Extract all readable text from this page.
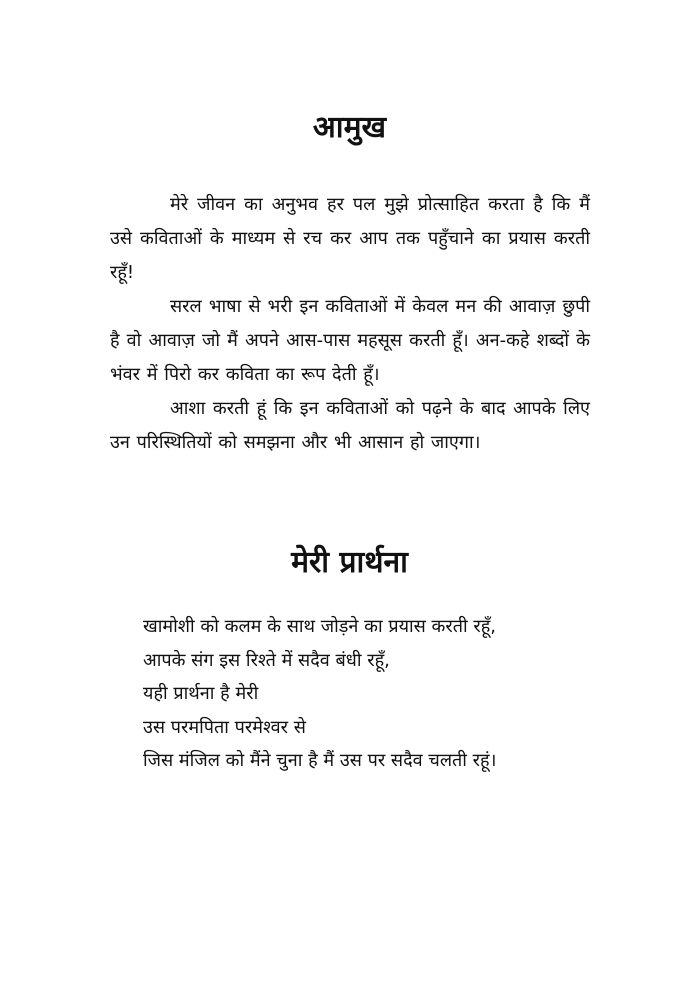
आमुख

मेरे जीवन का अनुभव हर पल मुझे प्रोत्साहित करता है कि मैं उसे कविताओं के माध्यम से रच कर आप तक पहुँचाने का प्रयास करती रहूँ!

सरल भाषा से भरी इन कविताओं में केवल मन की आवाज़ छुपी है वो आवाज़ जो मैं अपने आस-पास महसूस करती हूँ। अन-कहे शब्दों के भंवर में पिरो कर कविता का रूप देती हूँ।

आशा करती हूं कि इन कविताओं को पढ़ने के बाद आपके लिए उन परिस्थितियों को समझना और भी आसान हो जाएगा।

मेरी प्रार्थना
खामोशी को कलम के साथ जोड़ने का प्रयास करती रहूँ,
आपके संग इस रिश्ते में सदैव बंधी रहूँ,
यही प्रार्थना है मेरी
उस परमपिता परमेश्वर से
जिस मंजिल को मैंने चुना है मैं उस पर सदैव चलती रहूं।
